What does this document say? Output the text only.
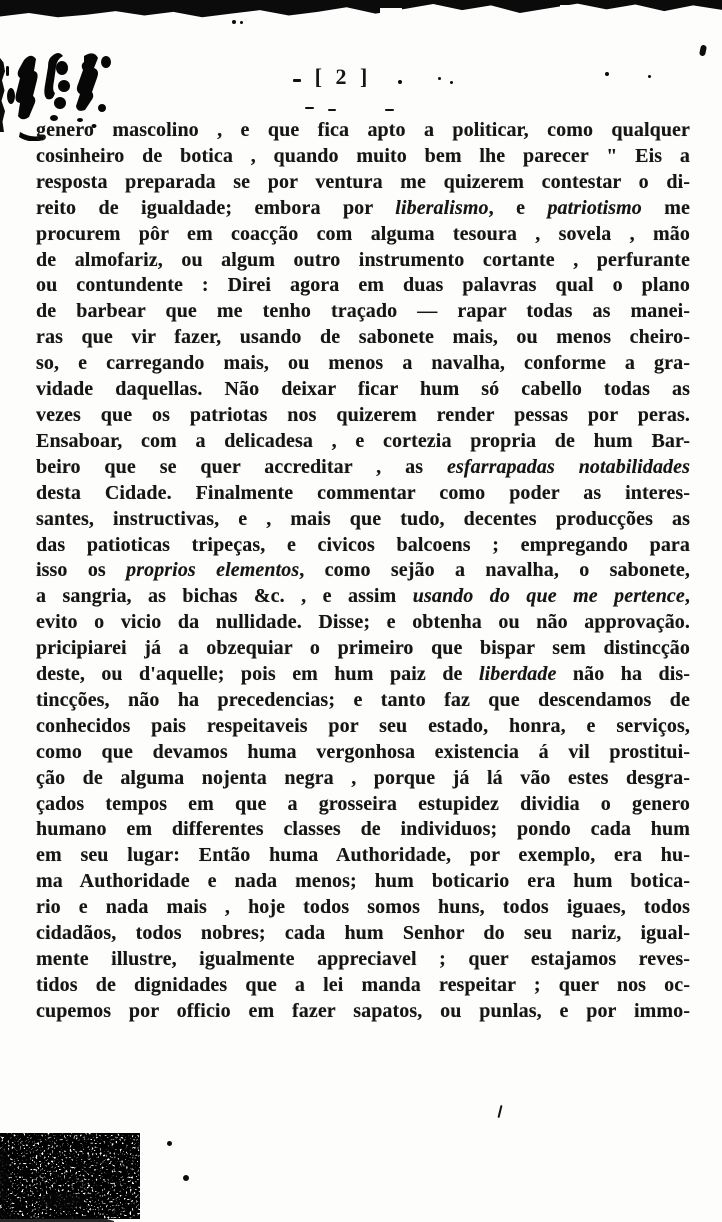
[ 2 ]
genero mascolino , e que fica apto a politicar, como qualquer
cosinheiro de botica , quando muito bem lhe parecer " Eis a
resposta preparada se por ventura me quizerem contestar o di-
reito de igualdade; embora por liberalismo, e patriotismo me
procurem pôr em coacção com alguma tesoura , sovela , mão
de almofariz, ou algum outro instrumento cortante , perfurante
ou contundente : Direi agora em duas palavras qual o plano
de barbear que me tenho traçado — rapar todas as manei-
ras que vir fazer, usando de sabonete mais, ou menos cheiro-
so, e carregando mais, ou menos a navalha, conforme a gra-
vidade daquellas. Não deixar ficar hum só cabello todas as
vezes que os patriotas nos quizerem render pessas por peras.
Ensaboar, com a delicadesa , e cortezia propria de hum Bar-
beiro que se quer accreditar , as esfarrapadas notabilidades
desta Cidade. Finalmente commentar como poder as interes-
santes, instructivas, e , mais que tudo, decentes producções as
das patioticas tripeças, e civicos balcoens ; empregando para
isso os proprios elementos, como sejão a navalha, o sabonete,
a sangria, as bichas &c. , e assim usando do que me pertence,
evito o vicio da nullidade. Disse; e obtenha ou não approvação.
pricipiarei já a obzequiar o primeiro que bispar sem distincção
deste, ou d'aquelle; pois em hum paiz de liberdade não ha dis-
tincções, não ha precedencias; e tanto faz que descendamos de
conhecidos pais respeitaveis por seu estado, honra, e serviços,
como que devamos huma vergonhosa existencia á vil prostitui-
ção de alguma nojenta negra , porque já lá vão estes desgra-
çados tempos em que a grosseira estupidez dividia o genero
humano em differentes classes de individuos; pondo cada hum
em seu lugar: Então huma Authoridade, por exemplo, era hu-
ma Authoridade e nada menos; hum boticario era hum botica-
rio e nada mais , hoje todos somos huns, todos iguaes, todos
cidadãos, todos nobres; cada hum Senhor do seu nariz, igual-
mente illustre, igualmente appreciavel ; quer estajamos reves-
tidos de dignidades que a lei manda respeitar ; quer nos oc-
cupemos por officio em fazer sapatos, ou punlas, e por immo-
